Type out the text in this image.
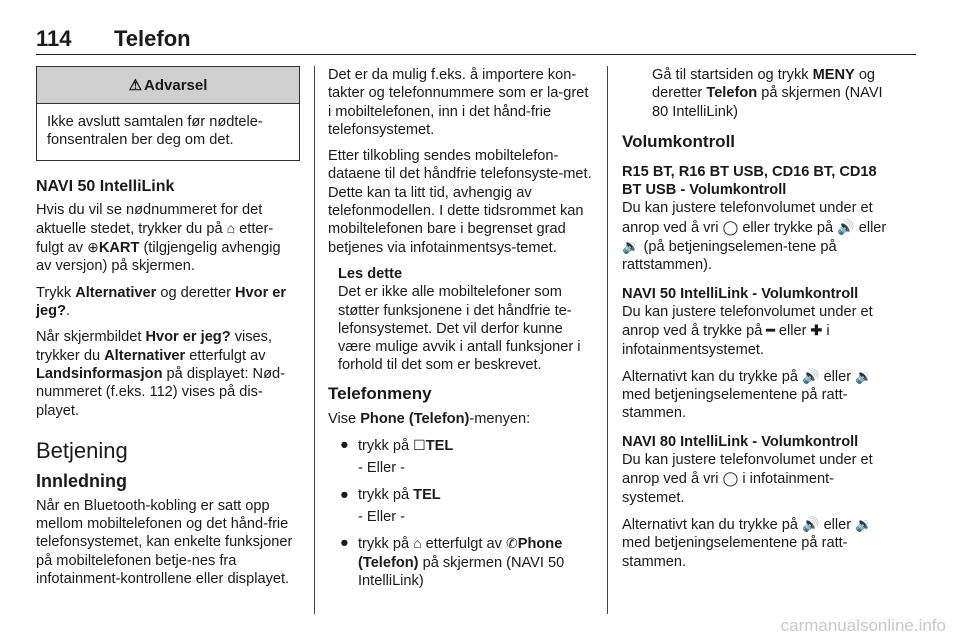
114 Telefon
⚠ Advarsel
Ikke avslutt samtalen før nødtele-fonsentralen ber deg om det.
NAVI 50 IntelliLink

Hvis du vil se nødnummeret for det aktuelle stedet, trykker du på ⌂ etter-fulgt av ⊕KART (tilgjengelig avhengig av versjon) på skjermen.

Trykk Alternativer og deretter Hvor er jeg?.

Når skjermbildet Hvor er jeg? vises, trykker du Alternativer etterfulgt av Landsinformasjon på displayet: Nød-nummeret (f.eks. 112) vises på dis-playet.

Betjening
Innledning

Når en Bluetooth-kobling er satt opp mellom mobiltelefonen og det hånd-frie telefonsystemet, kan enkelte funksjoner på mobiltelefonen betje-nes fra infotainment-kontrollene eller displayet.

Det er da mulig f.eks. å importere kon-takter og telefonnummere som er la-gret i mobiltelefonen, inn i det hånd-frie telefonsystemet.

Etter tilkobling sendes mobiltelefon-dataene til det håndfrie telefonsyste-met. Dette kan ta litt tid, avhengig av telefonmodellen. I dette tidsrommet kan mobiltelefonen bare i begrenset grad betjenes via infotainmentsys-temet.

Les dette
Det er ikke alle mobiltelefoner som støtter funksjonene i det håndfrie te-lefonsystemet. Det vil derfor kunne være mulige avvik i antall funksjoner i forhold til det som er beskrevet.
Telefonmeny

Vise Phone (Telefon)-menyen:

● trykk på ☐TEL
- Eller -
● trykk på TEL
- Eller -
● trykk på ⌂ etterfulgt av ✆Phone (Telefon) på skjermen (NAVI 50 IntelliLink)

Gå til startsiden og trykk MENY og deretter Telefon på skjermen (NAVI 80 IntelliLink)

Volumkontroll
R15 BT, R16 BT USB, CD16 BT, CD18 BT USB - Volumkontroll

Du kan justere telefonvolumet under et anrop ved å vri ◯ eller trykke på 🔊 eller 🔉 (på betjeningselemen-tene på rattstammen).

NAVI 50 IntelliLink - Volumkontroll

Du kan justere telefonvolumet under et anrop ved å trykke på ━ eller ✚ i infotainmentsystemet.

Alternativt kan du trykke på 🔊 eller 🔉 med betjeningselementene på ratt-stammen.

NAVI 80 IntelliLink - Volumkontroll

Du kan justere telefonvolumet under et anrop ved å vri ◯ i infotainment-systemet.

Alternativt kan du trykke på 🔊 eller 🔉 med betjeningselementene på ratt-stammen.

carmanualsonline.info
